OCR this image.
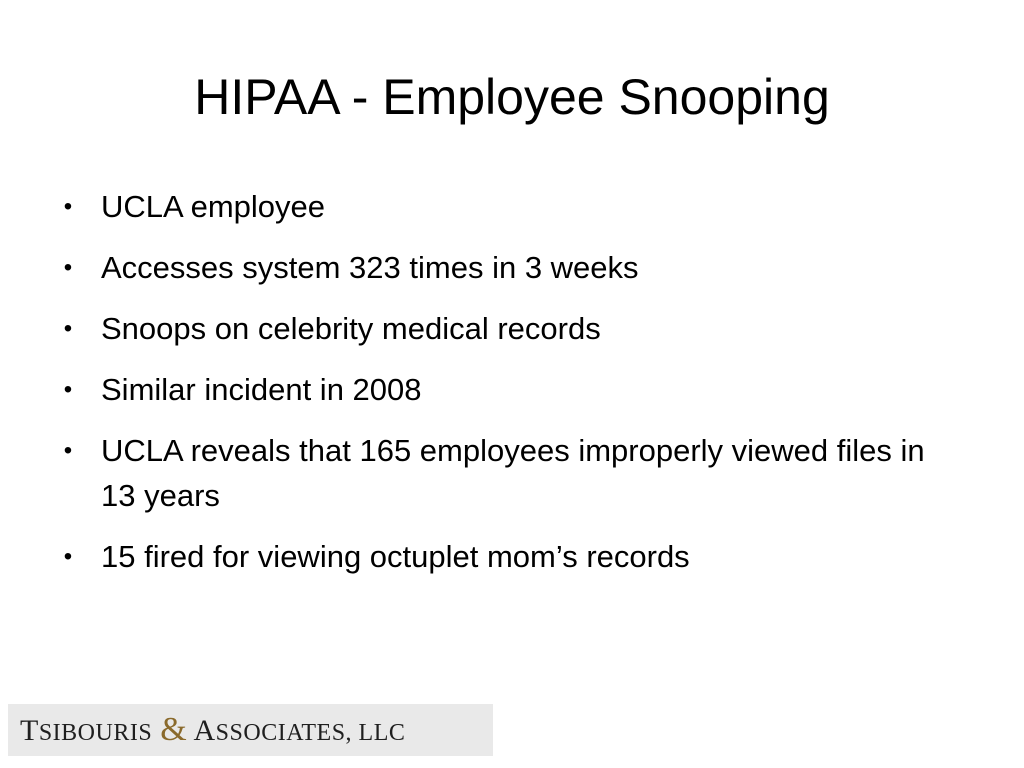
HIPAA - Employee Snooping
• UCLA employee
• Accesses system 323 times in 3 weeks
• Snoops on celebrity medical records
• Similar incident in 2008
• UCLA reveals that 165 employees improperly viewed files in 13 years
• 15 fired for viewing octuplet mom’s records
TSIBOURIS & ASSOCIATES, LLC
